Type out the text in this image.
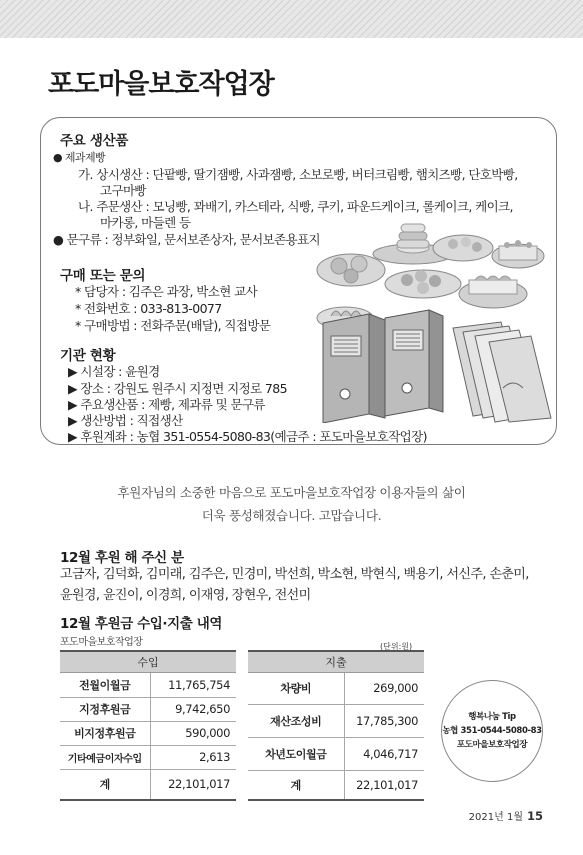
포도마을보호작업장
주요 생산품
● 제과제빵
가. 상시생산 : 단팥빵, 딸기잼빵, 사과잼빵, 소보로빵, 버터크림빵, 햄치즈빵, 단호박빵,
고구마빵
나. 주문생산 : 모닝빵, 꽈배기, 카스테라, 식빵, 쿠키, 파운드케이크, 롤케이크, 케이크,
마카롱, 마들렌 등
● 문구류 : 정부화일, 문서보존상자, 문서보존용표지
구매 또는 문의
* 담당자 : 김주은 과장, 박소현 교사
* 전화번호 : 033-813-0077
* 구매방법 : 전화주문(배달), 직접방문
기관 현황
▶ 시설장 : 윤원경
▶ 장소 : 강원도 원주시 지정면 지정로 785
▶ 주요생산품 : 제빵, 제과류 및 문구류
▶ 생산방법 : 직접생산
▶ 후원계좌 : 농협 351-0554-5080-83(예금주 : 포도마을보호작업장)
후원자님의 소중한 마음으로 포도마을보호작업장 이용자들의 삶이
더욱 풍성해졌습니다. 고맙습니다.
12월 후원 해 주신 분
고금자, 김덕화, 김미래, 김주은, 민경미, 박선희, 박소현, 박현식, 백용기, 서신주, 손춘미,
윤원경, 윤진이, 이경희, 이재영, 장현우, 전선미
12월 후원금 수입·지출 내역
포도마을보호작업장	(단위:원)
수입	
전월이월금	11,765,754
지정후원금	9,742,650
비지정후원금	590,000
기타예금이자수입	2,613
계	22,101,017
지출	
차량비	269,000
재산조성비	17,785,300
차년도이월금	4,046,717
계	22,101,017
행복나눔 Tip
농협 351-0544-5080-83
포도마을보호작업장
2021년 1월 15
